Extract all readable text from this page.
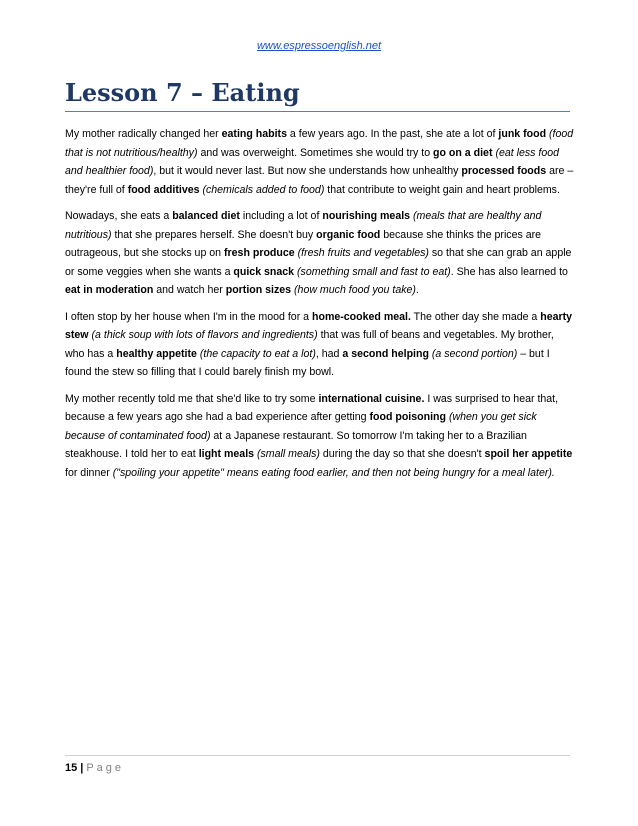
www.espressoenglish.net
Lesson 7 – Eating

My mother radically changed her eating habits a few years ago. In the past, she ate a lot of junk food (food that is not nutritious/healthy) and was overweight. Sometimes she would try to go on a diet (eat less food and healthier food), but it would never last. But now she understands how unhealthy processed foods are – they're full of food additives (chemicals added to food) that contribute to weight gain and heart problems.

Nowadays, she eats a balanced diet including a lot of nourishing meals (meals that are healthy and nutritious) that she prepares herself. She doesn't buy organic food because she thinks the prices are outrageous, but she stocks up on fresh produce (fresh fruits and vegetables) so that she can grab an apple or some veggies when she wants a quick snack (something small and fast to eat). She has also learned to eat in moderation and watch her portion sizes (how much food you take).

I often stop by her house when I'm in the mood for a home-cooked meal. The other day she made a hearty stew (a thick soup with lots of flavors and ingredients) that was full of beans and vegetables. My brother, who has a healthy appetite (the capacity to eat a lot), had a second helping (a second portion) – but I found the stew so filling that I could barely finish my bowl.

My mother recently told me that she'd like to try some international cuisine. I was surprised to hear that, because a few years ago she had a bad experience after getting food poisoning (when you get sick because of contaminated food) at a Japanese restaurant. So tomorrow I'm taking her to a Brazilian steakhouse. I told her to eat light meals (small meals) during the day so that she doesn't spoil her appetite for dinner ("spoiling your appetite" means eating food earlier, and then not being hungry for a meal later).

15 | Page
